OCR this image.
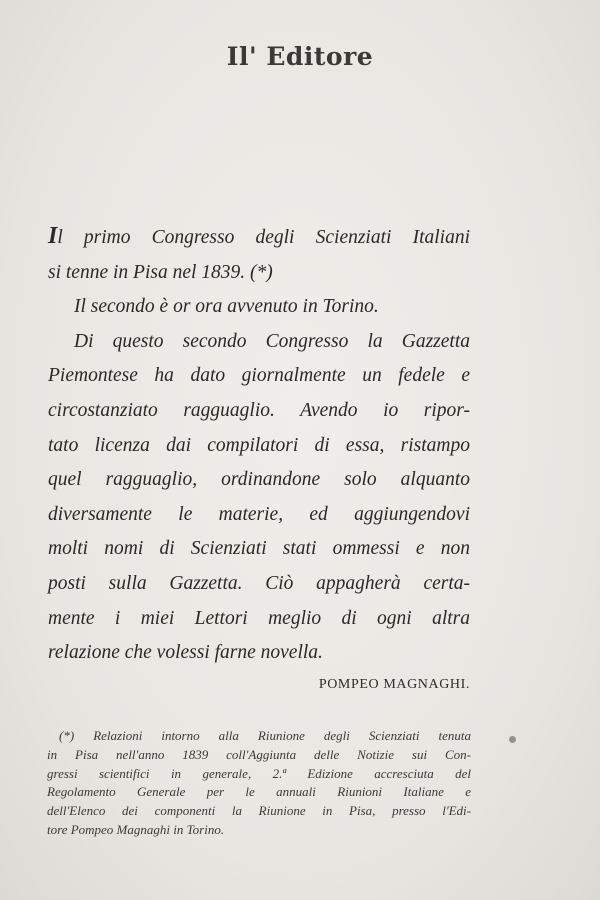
Il' Editore
Il primo Congresso degli Scienziati Italiani
si tenne in Pisa nel 1839. (*)
Il secondo è or ora avvenuto in Torino.
Di questo secondo Congresso la Gazzetta
Piemontese ha dato giornalmente un fedele e
circostanziato ragguaglio. Avendo io ripor-
tato licenza dai compilatori di essa, ristampo
quel ragguaglio, ordinandone solo alquanto
diversamente le materie, ed aggiungendovi
molti nomi di Scienziati stati ommessi e non
posti sulla Gazzetta. Ciò appagherà certa-
mente i miei Lettori meglio di ogni altra
relazione che volessi farne novella.
POMPEO MAGNAGHI.
(*) Relazioni intorno alla Riunione degli Scienziati tenuta
in Pisa nell'anno 1839 coll'Aggiunta delle Notizie sui Con-
gressi scientifici in generale, 2.ª Edizione accresciuta del
Regolamento Generale per le annuali Riunioni Italiane e
dell'Elenco dei componenti la Riunione in Pisa, presso l'Edi-
tore Pompeo Magnaghi in Torino.
